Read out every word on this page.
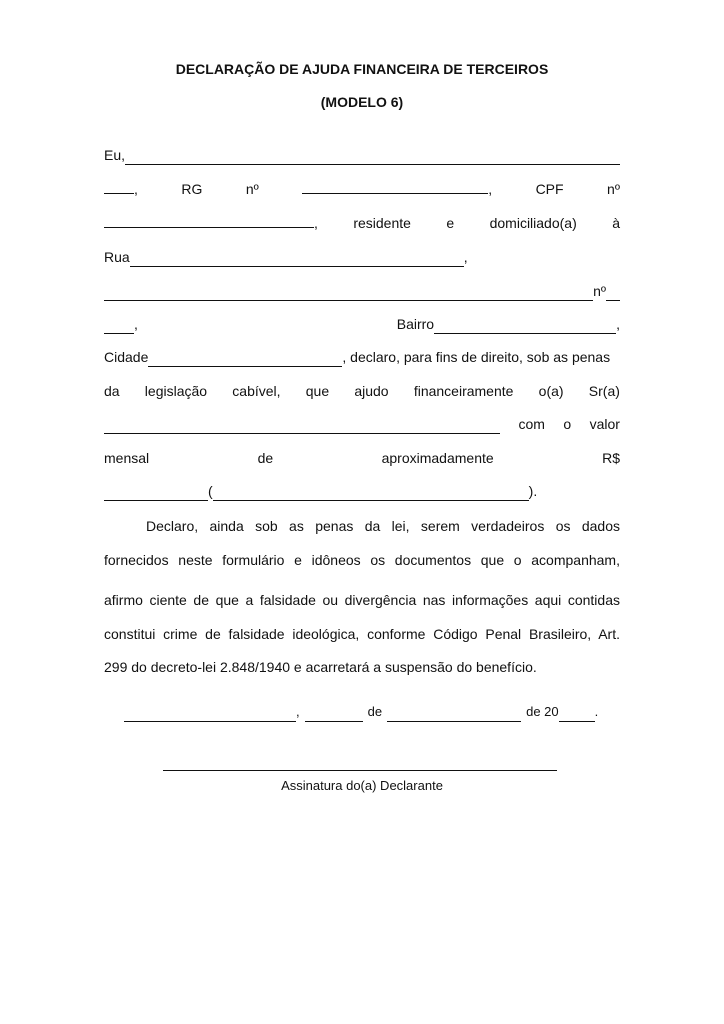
DECLARAÇÃO DE AJUDA FINANCEIRA DE TERCEIROS
(MODELO 6)
Eu,
,	RG	nº	,	CPF	nº
,	residente	e	domiciliado(a)	à
Rua	,
nº
,	Bairro	,
Cidade	, declaro, para fins de direito, sob as penas
da legislação cabível, que ajudo financeiramente o(a) Sr(a)
com o valor
mensal	de	aproximadamente	R$
(	).
Declaro, ainda sob as penas da lei, serem verdadeiros os dados
fornecidos neste formulário e idôneos os documentos que o acompanham,
afirmo ciente de que a falsidade ou divergência nas informações aqui contidas
constitui crime de falsidade ideológica, conforme Código Penal Brasileiro, Art.
299 do decreto-lei 2.848/1940 e acarretará a suspensão do benefício.
,	de	de 20	.
Assinatura do(a) Declarante
